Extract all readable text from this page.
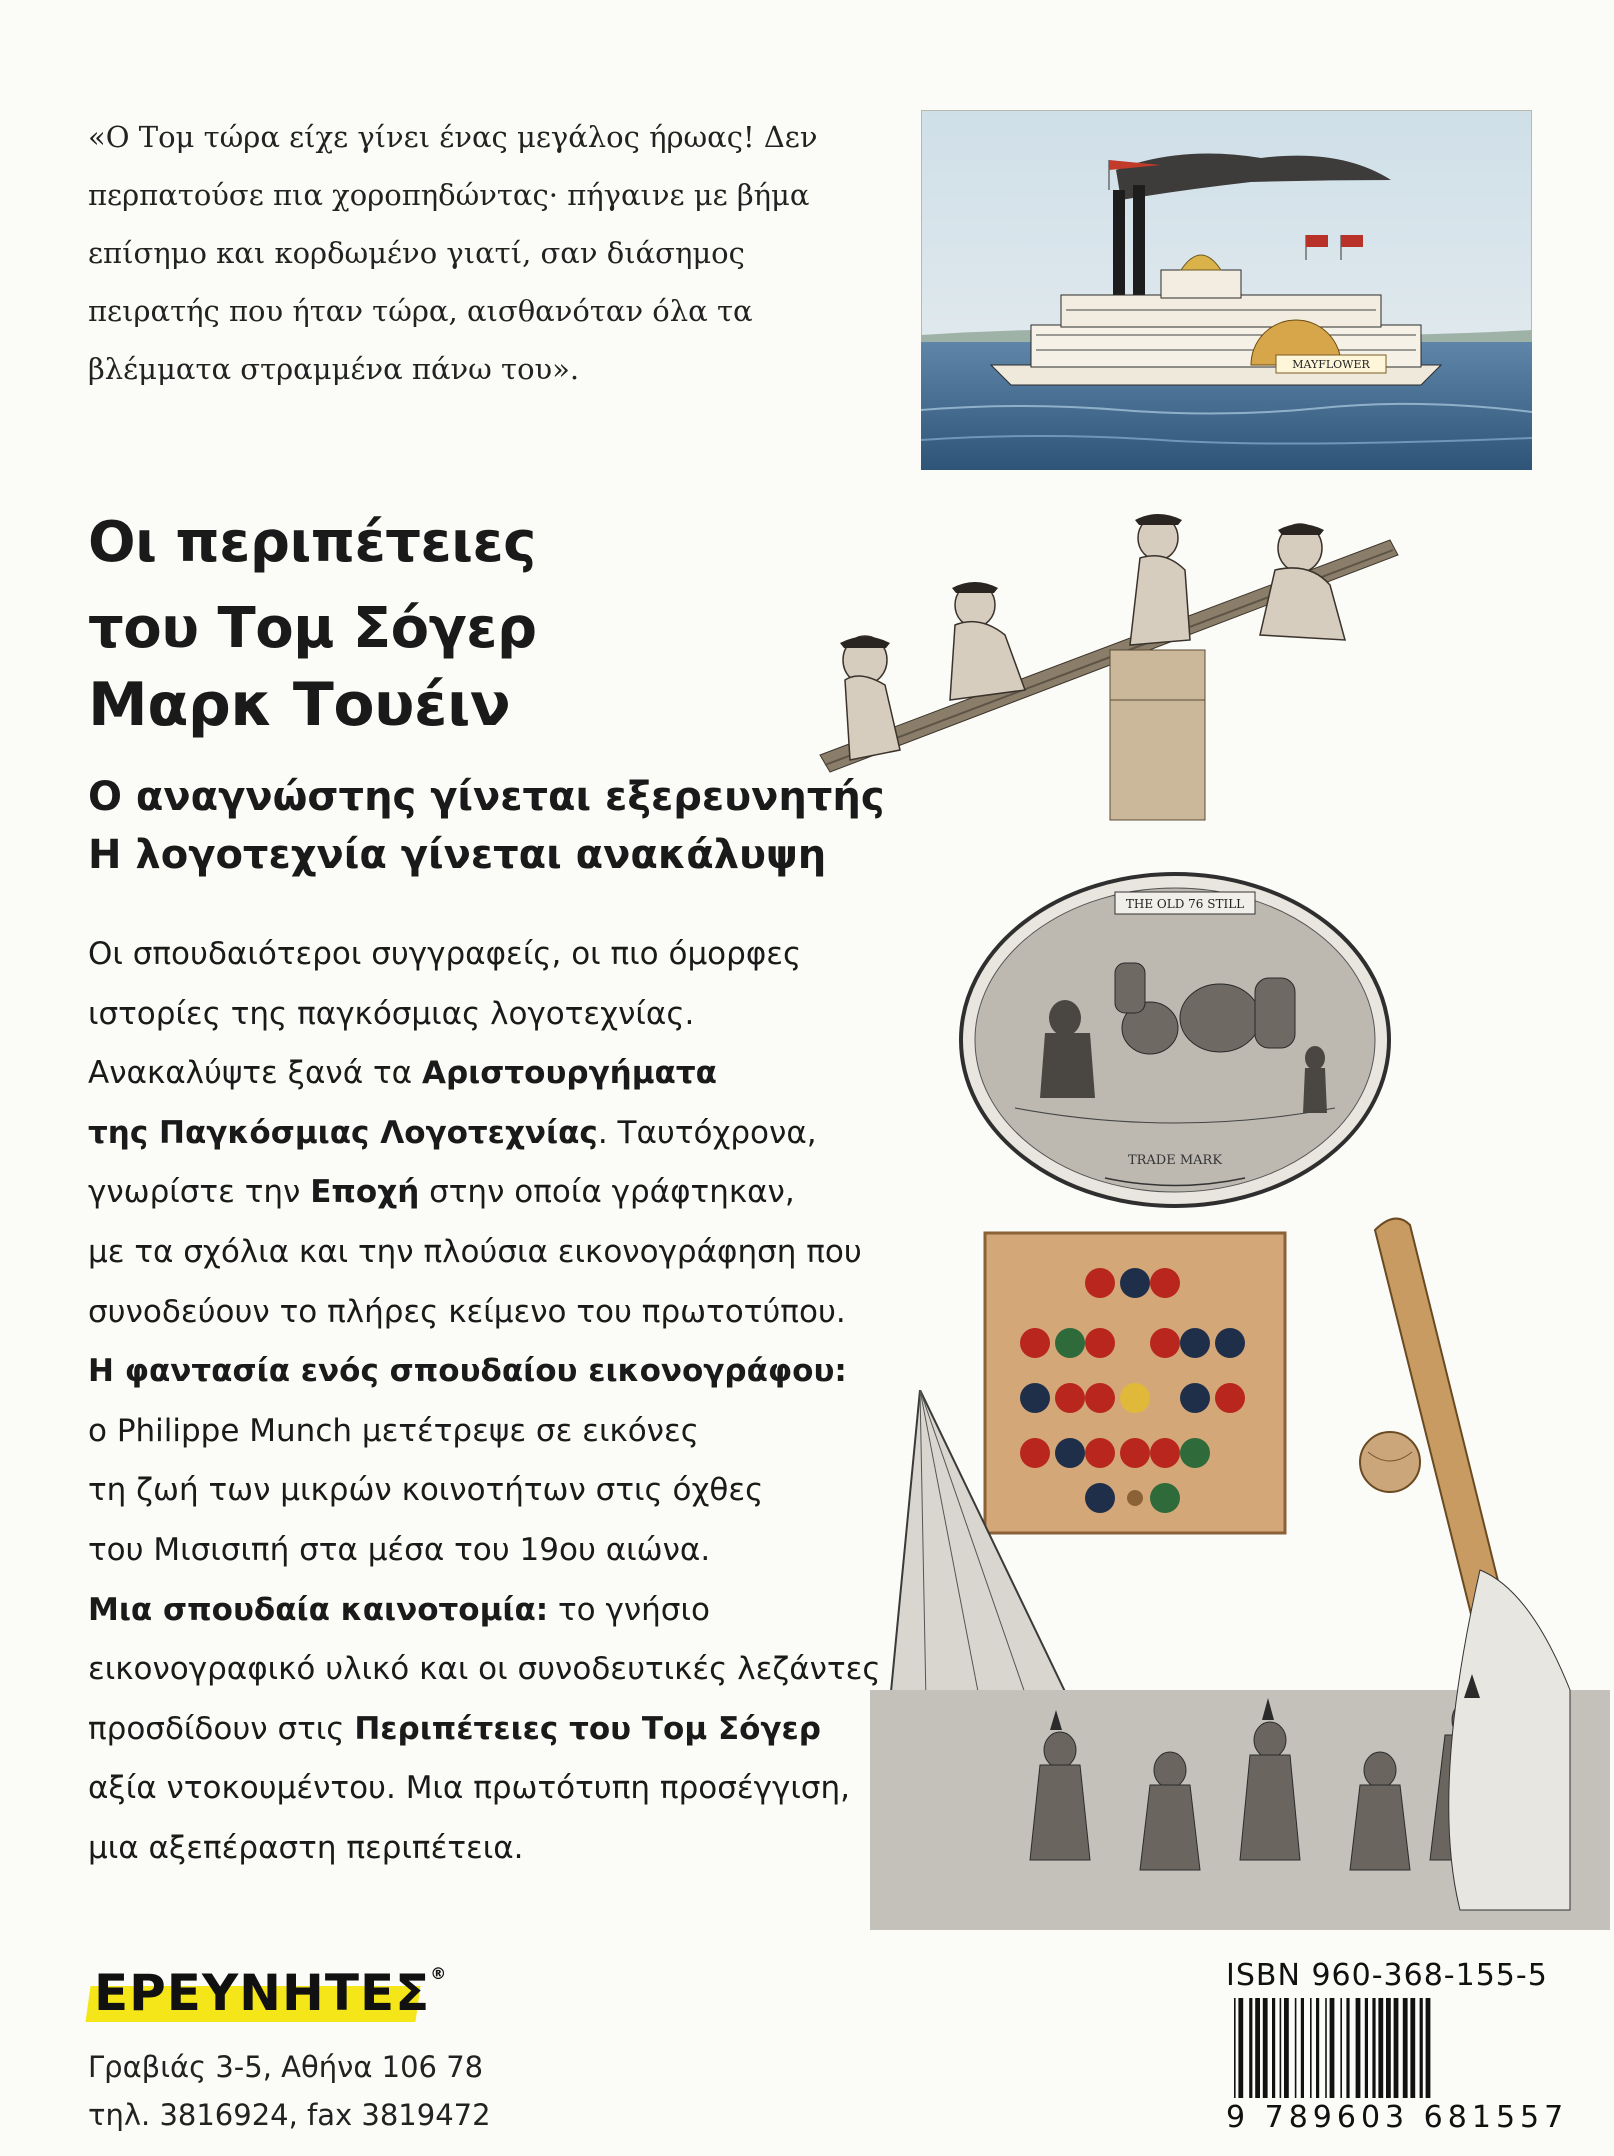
«Ο Τομ τώρα είχε γίνει ένας μεγάλος ήρωας! Δεν

περπατούσε πια χοροπηδώντας· πήγαινε με βήμα

επίσημο και κορδωμένο γιατί, σαν διάσημος

πειρατής που ήταν τώρα, αισθανόταν όλα τα

βλέμματα στραμμένα πάνω του».	MAYFLOWER
Οι περιπέτειες
του Τομ Σόγερ
Μαρκ Τουέιν
Ο αναγνώστης γίνεται εξερευνητής
Η λογοτεχνία γίνεται ανακάλυψη

Οι σπουδαιότεροι συγγραφείς, οι πιο όμορφες

ιστορίες της παγκόσμιας λογοτεχνίας.

Ανακαλύψτε ξανά τα Αριστουργήματα

της Παγκόσμιας Λογοτεχνίας. Ταυτόχρονα,

γνωρίστε την Εποχή στην οποία γράφτηκαν,

με τα σχόλια και την πλούσια εικονογράφηση που

συνοδεύουν το πλήρες κείμενο του πρωτοτύπου.

Η φαντασία ενός σπουδαίου εικονογράφου:

ο Philippe Munch μετέτρεψε σε εικόνες

τη ζωή των μικρών κοινοτήτων στις όχθες

του Μισισιπή στα μέσα του 19ου αιώνα.

Μια σπουδαία καινοτομία: το γνήσιο

εικονογραφικό υλικό και οι συνοδευτικές λεζάντες

προσδίδουν στις Περιπέτειες του Τομ Σόγερ

αξία ντοκουμέντου. Μια πρωτότυπη προσέγγιση,

μια αξεπέραστη περιπέτεια.

THE OLD 76 STILL
TRADE MARK
ΕΡΕΥΝΗΤΕΣ®
Γραβιάς 3-5, Αθήνα 106 78
τηλ. 3816924, fax 3819472
ISBN 960-368-155-5
9 789603 681557
